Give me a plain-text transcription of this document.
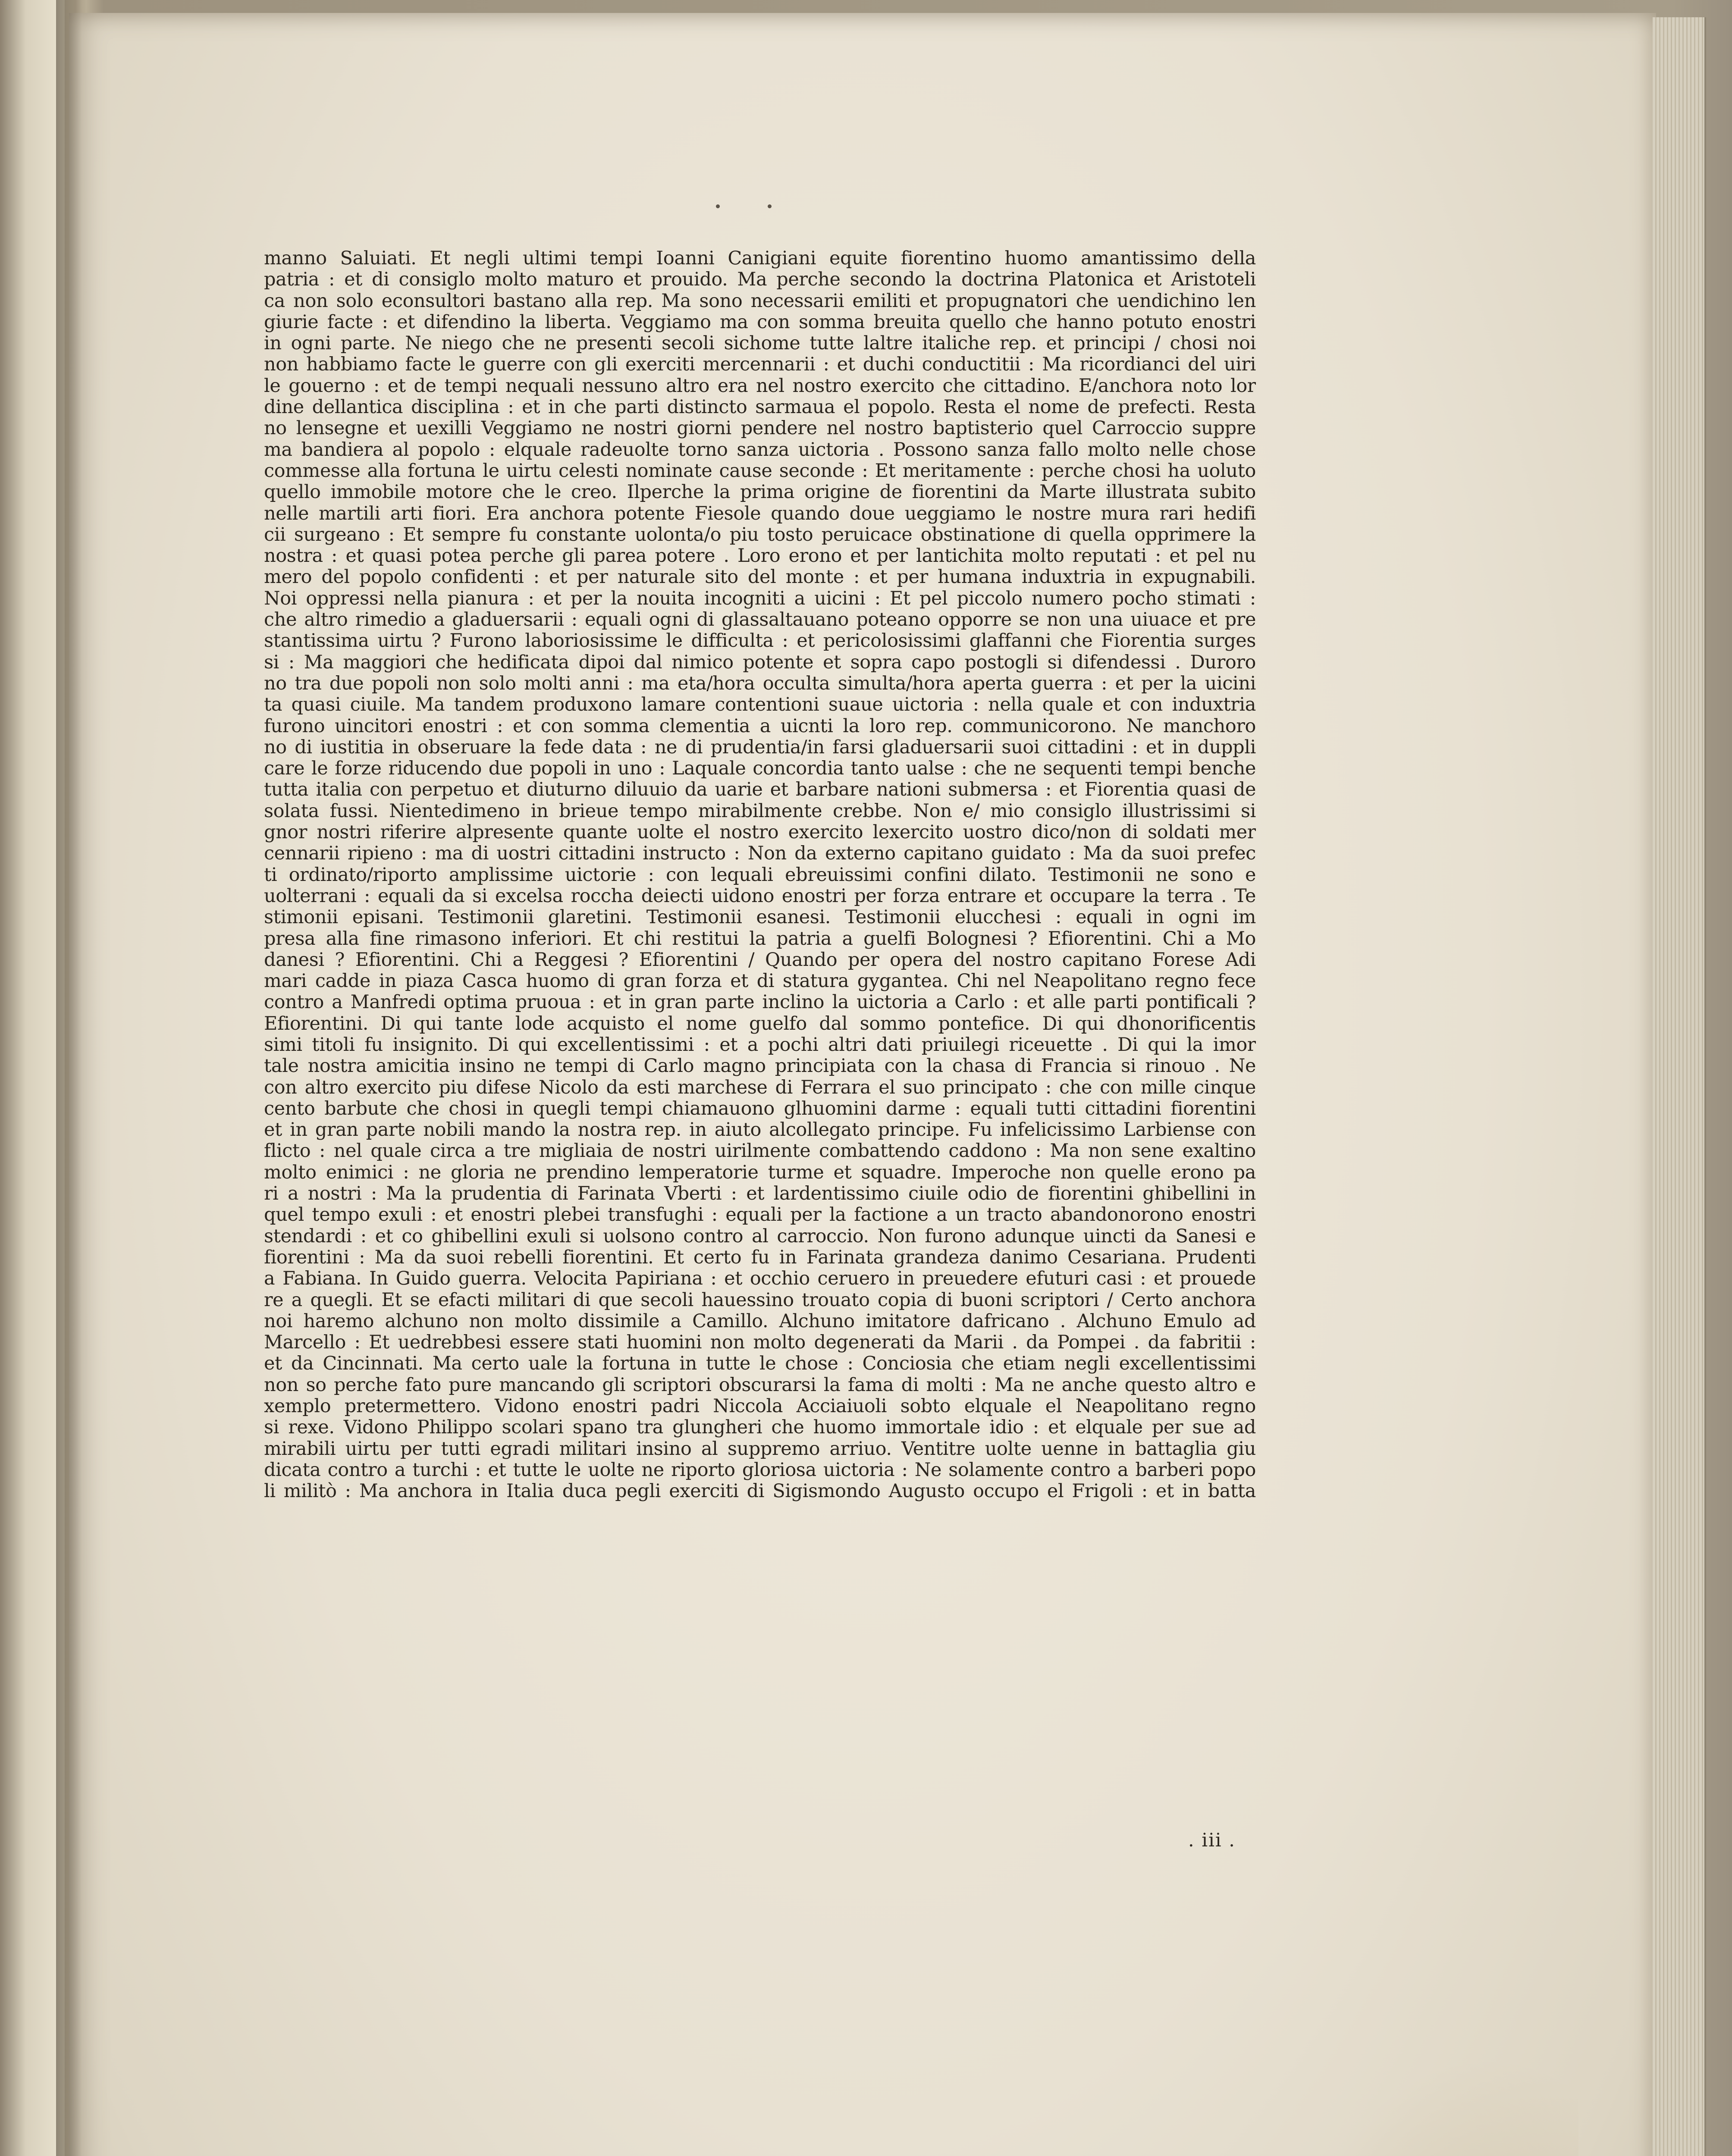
manno Saluiati. Et negli ultimi tempi Ioanni Canigiani equite fiorentino huomo amantissimo della
patria : et di consiglo molto maturo et prouido. Ma perche secondo la doctrina Platonica et Aristoteli
ca non solo econsultori bastano alla rep. Ma sono necessarii emiliti et propugnatori che uendichino len
giurie facte : et difendino la liberta. Veggiamo ma con somma breuita quello che hanno potuto enostri
in ogni parte. Ne niego che ne presenti secoli sichome tutte laltre italiche rep. et principi / chosi noi
non habbiamo facte le guerre con gli exerciti mercennarii : et duchi conductitii : Ma ricordianci del uiri
le gouerno : et de tempi nequali nessuno altro era nel nostro exercito che cittadino. E/anchora noto lor
dine dellantica disciplina : et in che parti distincto sarmaua el popolo. Resta el nome de prefecti. Resta
no lensegne et uexilli Veggiamo ne nostri giorni pendere nel nostro baptisterio quel Carroccio suppre
ma bandiera al popolo : elquale radeuolte torno sanza uictoria . Possono sanza fallo molto nelle chose
commesse alla fortuna le uirtu celesti nominate cause seconde : Et meritamente : perche chosi ha uoluto
quello immobile motore che le creo. Ilperche la prima origine de fiorentini da Marte illustrata subito
nelle martili arti fiori. Era anchora potente Fiesole quando doue ueggiamo le nostre mura rari hedifi
cii surgeano : Et sempre fu constante uolonta/o piu tosto peruicace obstinatione di quella opprimere la
nostra : et quasi potea perche gli parea potere . Loro erono et per lantichita molto reputati : et pel nu
mero del popolo confidenti : et per naturale sito del monte : et per humana induxtria in expugnabili.
Noi oppressi nella pianura : et per la nouita incogniti a uicini : Et pel piccolo numero pocho stimati :
che altro rimedio a gladuersarii : equali ogni di glassaltauano poteano opporre se non una uiuace et pre
stantissima uirtu ? Furono laboriosissime le difficulta : et pericolosissimi glaffanni che Fiorentia surges
si : Ma maggiori che hedificata dipoi dal nimico potente et sopra capo postogli si difendessi . Duroro
no tra due popoli non solo molti anni : ma eta/hora occulta simulta/hora aperta guerra : et per la uicini
ta quasi ciuile. Ma tandem produxono lamare contentioni suaue uictoria : nella quale et con induxtria
furono uincitori enostri : et con somma clementia a uicnti la loro rep. communicorono. Ne manchoro
no di iustitia in obseruare la fede data : ne di prudentia/in farsi gladuersarii suoi cittadini : et in duppli
care le forze riducendo due popoli in uno : Laquale concordia tanto ualse : che ne sequenti tempi benche
tutta italia con perpetuo et diuturno diluuio da uarie et barbare nationi submersa : et Fiorentia quasi de
solata fussi. Nientedimeno in brieue tempo mirabilmente crebbe. Non e/ mio consiglo illustrissimi si
gnor nostri riferire alpresente quante uolte el nostro exercito lexercito uostro dico/non di soldati mer
cennarii ripieno : ma di uostri cittadini instructo : Non da externo capitano guidato : Ma da suoi prefec
ti ordinato/riporto amplissime uictorie : con lequali ebreuissimi confini dilato. Testimonii ne sono e
uolterrani : equali da si excelsa roccha deiecti uidono enostri per forza entrare et occupare la terra . Te
stimonii episani. Testimonii glaretini. Testimonii esanesi. Testimonii elucchesi : equali in ogni im
presa alla fine rimasono inferiori. Et chi restitui la patria a guelfi Bolognesi ? Efiorentini. Chi a Mo
danesi ? Efiorentini. Chi a Reggesi ? Efiorentini / Quando per opera del nostro capitano Forese Adi
mari cadde in piaza Casca huomo di gran forza et di statura gygantea. Chi nel Neapolitano regno fece
contro a Manfredi optima pruoua : et in gran parte inclino la uictoria a Carlo : et alle parti pontificali ?
Efiorentini. Di qui tante lode acquisto el nome guelfo dal sommo pontefice. Di qui dhonorificentis
simi titoli fu insignito. Di qui excellentissimi : et a pochi altri dati priuilegi riceuette . Di qui la imor
tale nostra amicitia insino ne tempi di Carlo magno principiata con la chasa di Francia si rinouo . Ne
con altro exercito piu difese Nicolo da esti marchese di Ferrara el suo principato : che con mille cinque
cento barbute che chosi in quegli tempi chiamauono glhuomini darme : equali tutti cittadini fiorentini
et in gran parte nobili mando la nostra rep. in aiuto alcollegato principe. Fu infelicissimo Larbiense con
flicto : nel quale circa a tre migliaia de nostri uirilmente combattendo caddono : Ma non sene exaltino
molto enimici : ne gloria ne prendino lemperatorie turme et squadre. Imperoche non quelle erono pa
ri a nostri : Ma la prudentia di Farinata Vberti : et lardentissimo ciuile odio de fiorentini ghibellini in
quel tempo exuli : et enostri plebei transfughi : equali per la factione a un tracto abandonorono enostri
stendardi : et co ghibellini exuli si uolsono contro al carroccio. Non furono adunque uincti da Sanesi e
fiorentini : Ma da suoi rebelli fiorentini. Et certo fu in Farinata grandeza danimo Cesariana. Prudenti
a Fabiana. In Guido guerra. Velocita Papiriana : et occhio ceruero in preuedere efuturi casi : et prouede
re a quegli. Et se efacti militari di que secoli hauessino trouato copia di buoni scriptori / Certo anchora
noi haremo alchuno non molto dissimile a Camillo. Alchuno imitatore dafricano . Alchuno Emulo ad
Marcello : Et uedrebbesi essere stati huomini non molto degenerati da Marii . da Pompei . da fabritii :
et da Cincinnati. Ma certo uale la fortuna in tutte le chose : Conciosia che etiam negli excellentissimi
non so perche fato pure mancando gli scriptori obscurarsi la fama di molti : Ma ne anche questo altro e
xemplo pretermettero. Vidono enostri padri Niccola Acciaiuoli sobto elquale el Neapolitano regno
si rexe. Vidono Philippo scolari spano tra glungheri che huomo immortale idio : et elquale per sue ad
mirabili uirtu per tutti egradi militari insino al suppremo arriuo. Ventitre uolte uenne in battaglia giu
dicata contro a turchi : et tutte le uolte ne riporto gloriosa uictoria : Ne solamente contro a barberi popo
li militò : Ma anchora in Italia duca pegli exerciti di Sigismondo Augusto occupo el Frigoli : et in batta
. iii .
